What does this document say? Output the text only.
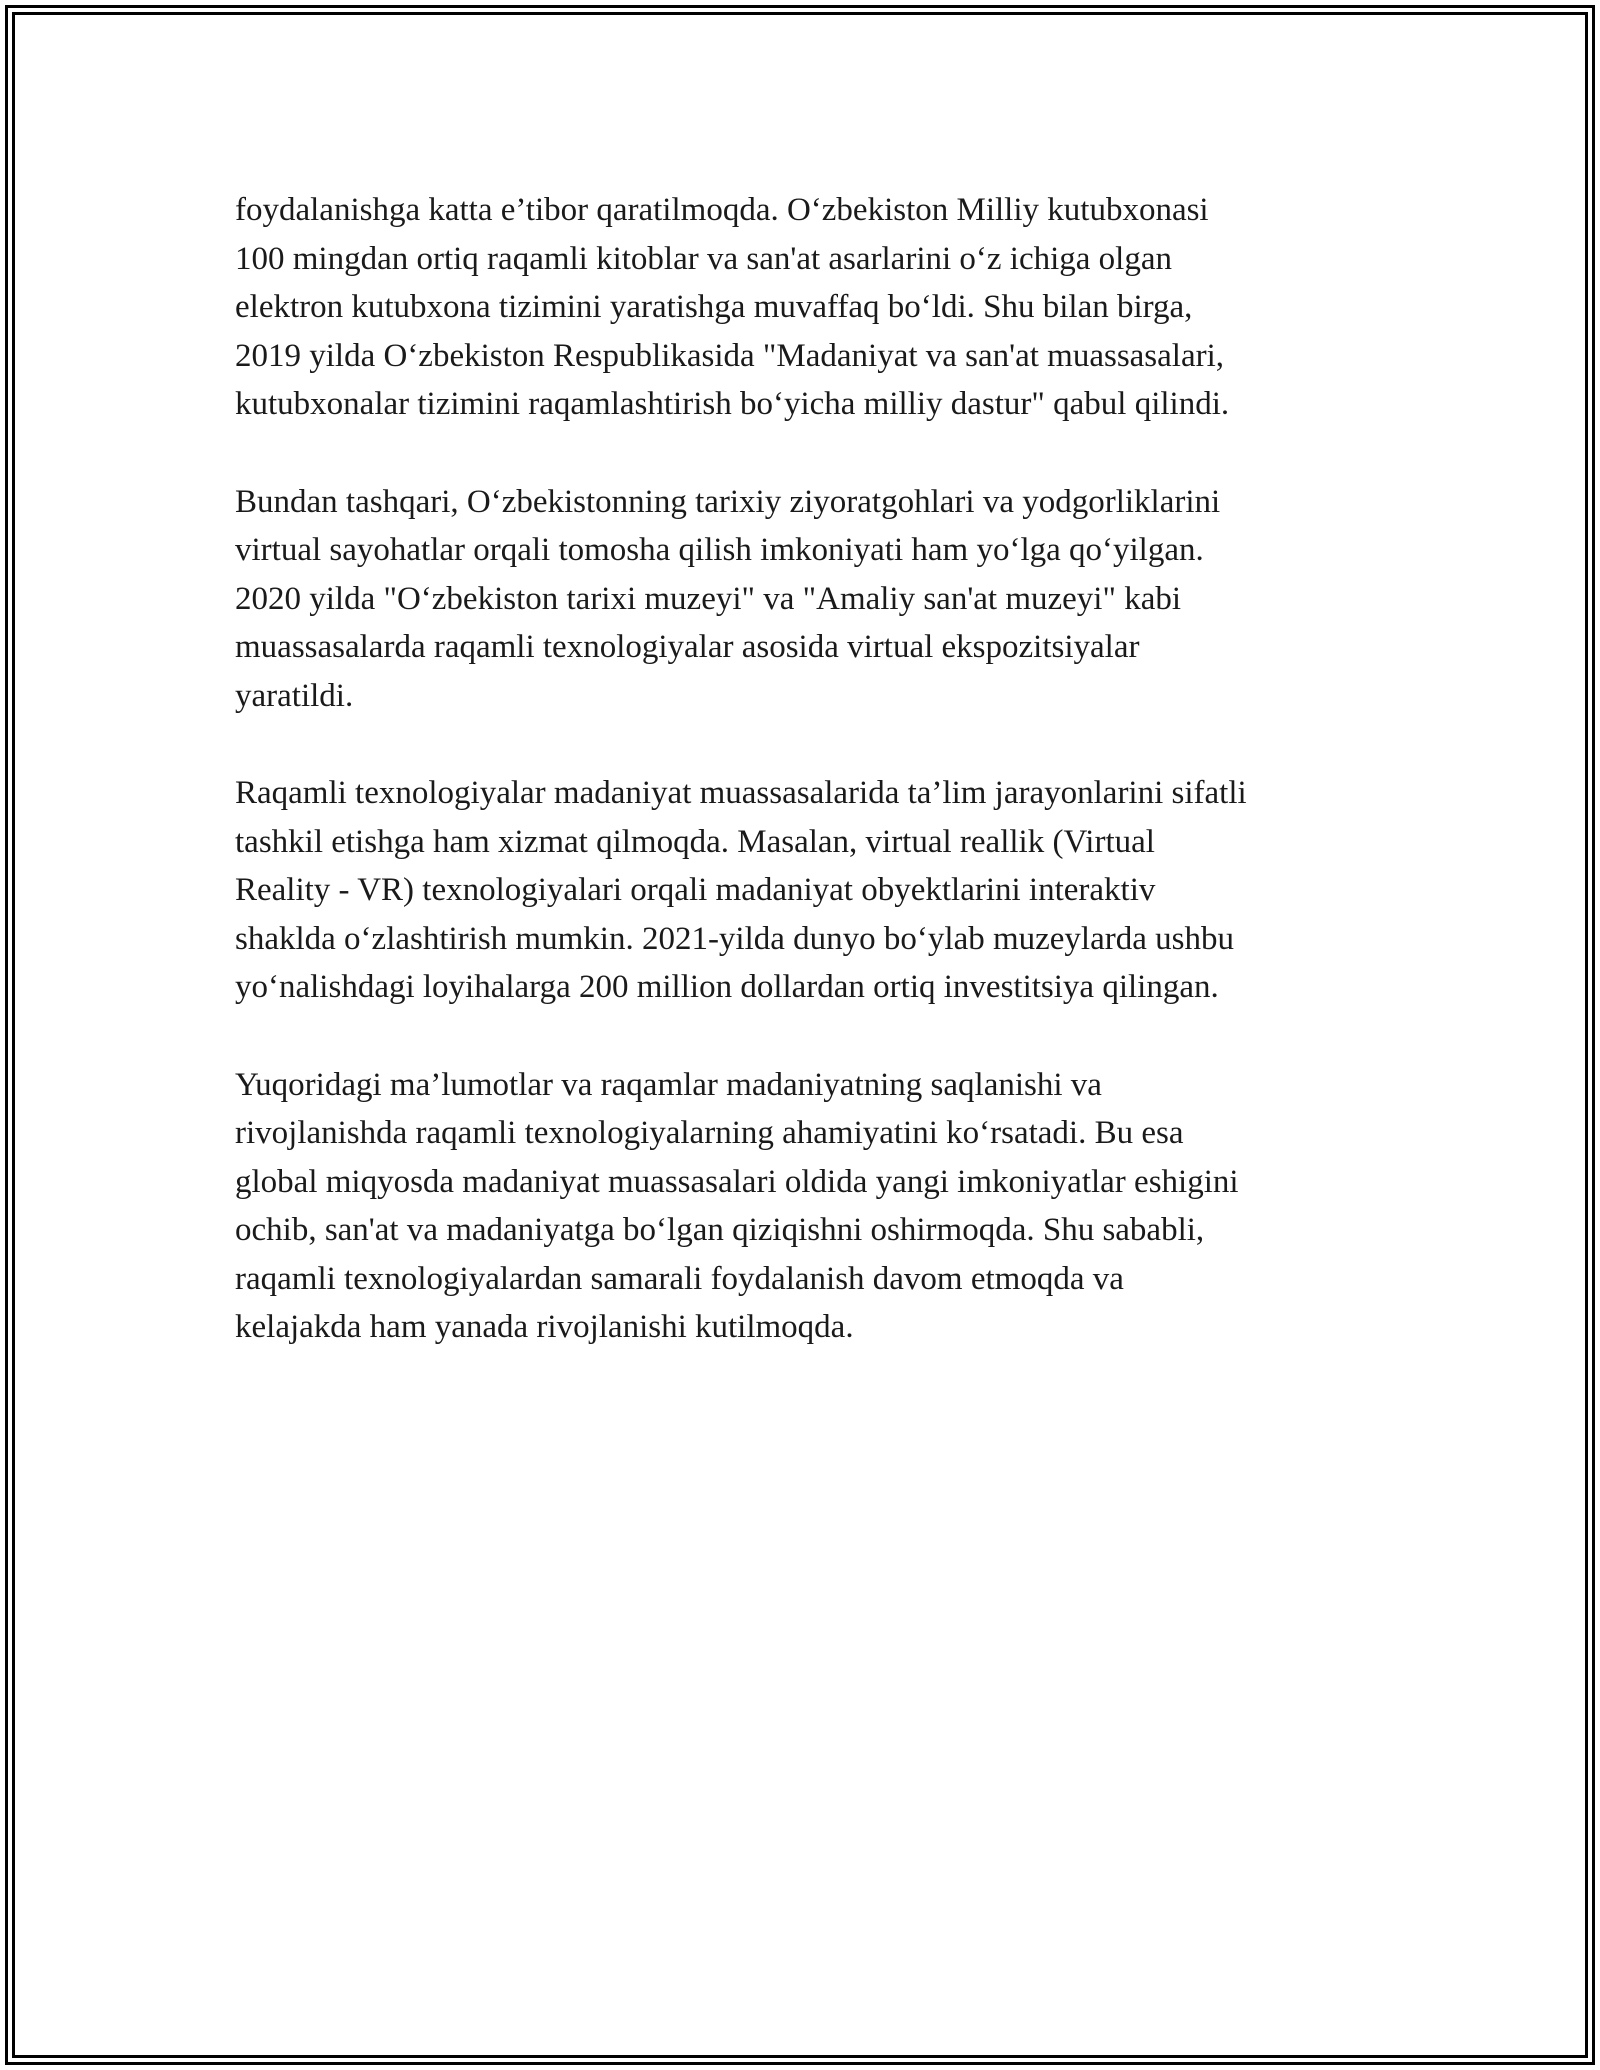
foydalanishga katta e’tibor qaratilmoqda. O‘zbekiston Milliy kutubxonasi
100 mingdan ortiq raqamli kitoblar va san'at asarlarini o‘z ichiga olgan
elektron kutubxona tizimini yaratishga muvaffaq bo‘ldi. Shu bilan birga,
2019 yilda O‘zbekiston Respublikasida "Madaniyat va san'at muassasalari,
kutubxonalar tizimini raqamlashtirish bo‘yicha milliy dastur" qabul qilindi.

Bundan tashqari, O‘zbekistonning tarixiy ziyoratgohlari va yodgorliklarini
virtual sayohatlar orqali tomosha qilish imkoniyati ham yo‘lga qo‘yilgan.
2020 yilda "O‘zbekiston tarixi muzeyi" va "Amaliy san'at muzeyi" kabi
muassasalarda raqamli texnologiyalar asosida virtual ekspozitsiyalar
yaratildi.

Raqamli texnologiyalar madaniyat muassasalarida ta’lim jarayonlarini sifatli
tashkil etishga ham xizmat qilmoqda. Masalan, virtual reallik (Virtual
Reality - VR) texnologiyalari orqali madaniyat obyektlarini interaktiv
shaklda o‘zlashtirish mumkin. 2021-yilda dunyo bo‘ylab muzeylarda ushbu
yo‘nalishdagi loyihalarga 200 million dollardan ortiq investitsiya qilingan.

Yuqoridagi ma’lumotlar va raqamlar madaniyatning saqlanishi va
rivojlanishda raqamli texnologiyalarning ahamiyatini ko‘rsatadi. Bu esa
global miqyosda madaniyat muassasalari oldida yangi imkoniyatlar eshigini
ochib, san'at va madaniyatga bo‘lgan qiziqishni oshirmoqda. Shu sababli,
raqamli texnologiyalardan samarali foydalanish davom etmoqda va
kelajakda ham yanada rivojlanishi kutilmoqda.
